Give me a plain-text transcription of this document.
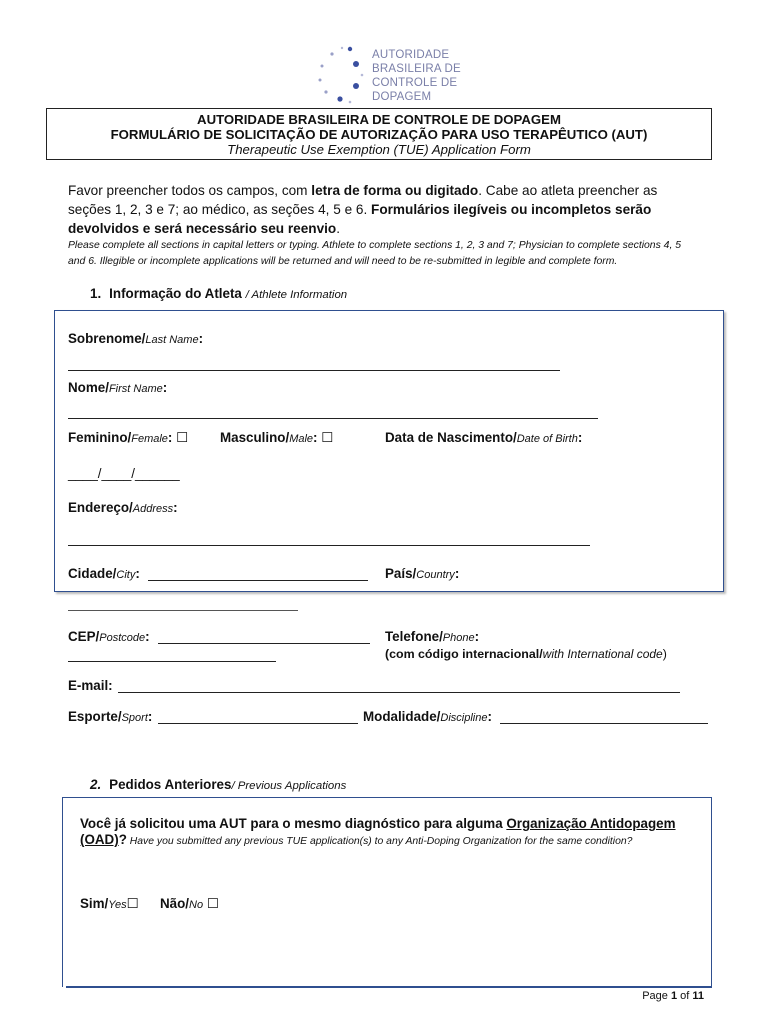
AUTORIDADE
BRASILEIRA DE
CONTROLE DE
DOPAGEM
AUTORIDADE BRASILEIRA DE CONTROLE DE DOPAGEM
FORMULÁRIO DE SOLICITAÇÃO DE AUTORIZAÇÃO PARA USO TERAPÊUTICO (AUT)
Therapeutic Use Exemption (TUE) Application Form
Favor preencher todos os campos, com letra de forma ou digitado. Cabe ao atleta preencher as seções 1, 2, 3 e 7; ao médico, as seções 4, 5 e 6. Formulários ilegíveis ou incompletos serão devolvidos e será necessário seu reenvio.
Please complete all sections in capital letters or typing. Athlete to complete sections 1, 2, 3 and 7; Physician to complete sections 4, 5 and 6. Illegible or incomplete applications will be returned and will need to be re-submitted in legible and complete form.
1. Informação do Atleta / Athlete Information
Sobrenome/Last Name:
Nome/First Name:
Feminino/Female: ☐ Masculino/Male: ☐	Data de Nascimento/Date of Birth:
____/____/______
Endereço/Address:
Cidade/City:	País/Country:
CEP/Postcode:	Telefone/Phone:
(com código internacional/with International code)
E-mail:
Esporte/Sport:	Modalidade/Discipline:
2. Pedidos Anteriores/ Previous Applications
Você já solicitou uma AUT para o mesmo diagnóstico para alguma Organização Antidopagem (OAD)? Have you submitted any previous TUE application(s) to any Anti-Doping Organization for the same condition?
Sim/Yes☐ Não/No ☐
Page 1 of 11
